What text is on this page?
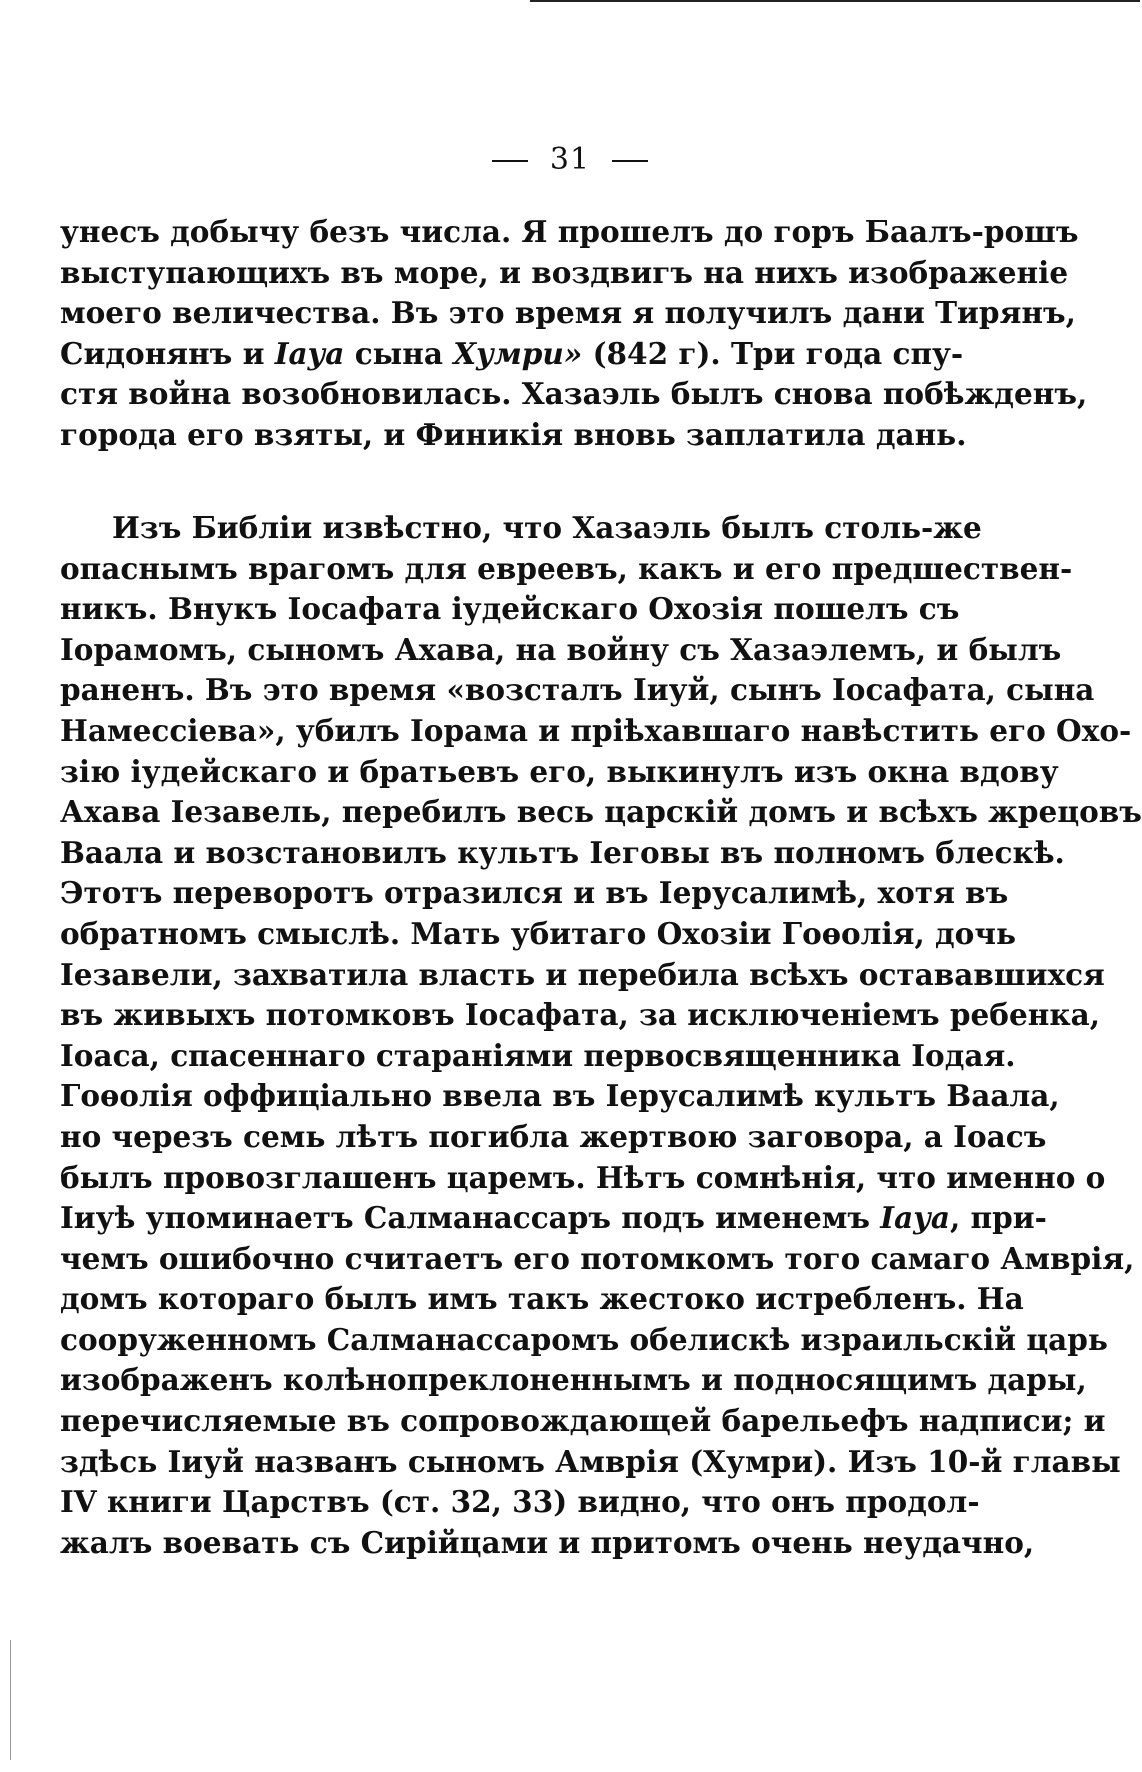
31
унесъ добычу безъ числа. Я прошелъ до горъ Баалъ-рошъ
выступающихъ въ море, и воздвигъ на нихъ изображеніе
моего величества. Въ это время я получилъ дани Тирянъ,
Сидонянъ и Iауа сына Хумри» (842 г). Три года спу-
стя война возобновилась. Хазаэль былъ снова побѣжденъ,
города его взяты, и Финикія вновь заплатила дань.
Изъ Библіи извѣстно, что Хазаэль былъ столь-же
опаснымъ врагомъ для евреевъ, какъ и его предшествен-
никъ. Внукъ Іосафата іудейскаго Охозія пошелъ съ
Іорамомъ, сыномъ Ахава, на войну съ Хазаэлемъ, и былъ
раненъ. Въ это время «возсталъ Іиуй, сынъ Іосафата, сына
Намессіева», убилъ Іорама и пріѣхавшаго навѣстить его Охо-
зію іудейскаго и братьевъ его, выкинулъ изъ окна вдову
Ахава Іезавель, перебилъ весь царскій домъ и всѣхъ жрецовъ
Ваала и возстановилъ культъ Іеговы въ полномъ блескѣ.
Этотъ переворотъ отразился и въ Іерусалимѣ, хотя въ
обратномъ смыслѣ. Мать убитаго Охозіи Гоѳолія, дочь
Іезавели, захватила власть и перебила всѣхъ остававшихся
въ живыхъ потомковъ Іосафата, за исключеніемъ ребенка,
Іоаса, спасеннаго стараніями первосвященника Іодая.
Гоѳолія оффиціально ввела въ Іерусалимѣ культъ Ваала,
но черезъ семь лѣтъ погибла жертвою заговора, а Іоасъ
былъ провозглашенъ царемъ. Нѣтъ сомнѣнія, что именно о
Іиуѣ упоминаетъ Салманассаръ подъ именемъ Iауа, при-
чемъ ошибочно считаетъ его потомкомъ того самаго Амврія,
домъ которагo былъ имъ такъ жестоко истребленъ. На
сооруженномъ Салманассаромъ обелискѣ израильскій царь
изображенъ колѣнопреклоненнымъ и подносящимъ дары,
перечисляемые въ сопровождающей барельефъ надписи; и
здѣсь Іиуй названъ сыномъ Амврія (Хумри). Изъ 10-й главы
IV книги Царствъ (ст. 32, 33) видно, что онъ продол-
жалъ воевать съ Сирійцами и притомъ очень неудачно,
